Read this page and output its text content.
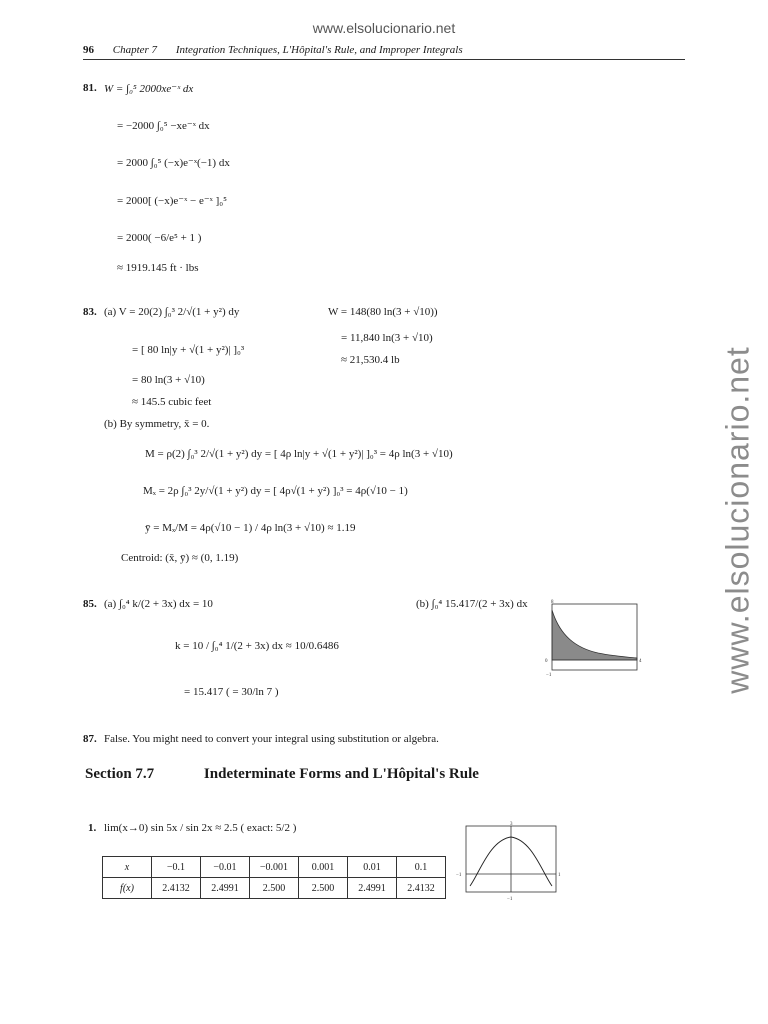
www.elsolucionario.net
96 Chapter 7 Integration Techniques, L'Hôpital's Rule, and Improper Integrals
www.elsolucionario.net
81. W = ∫₀⁵ 2000xe⁻ˣ dx
= −2000 ∫₀⁵ −xe⁻ˣ dx
= 2000 ∫₀⁵ (−x)e⁻ˣ(−1) dx
= 2000[ (−x)e⁻ˣ − e⁻ˣ ]₀⁵
= 2000( −6/e⁵ + 1 )
≈ 1919.145 ft · lbs
83. (a) V = 20(2) ∫₀³ 2/√(1 + y²) dy
= [ 80 ln|y + √(1 + y²)| ]₀³
= 80 ln(3 + √10)
≈ 145.5 cubic feet
W = 148(80 ln(3 + √10))
= 11,840 ln(3 + √10)
≈ 21,530.4 lb
(b) By symmetry, x̄ = 0.
M = ρ(2) ∫₀³ 2/√(1 + y²) dy = [ 4ρ ln|y + √(1 + y²)| ]₀³ = 4ρ ln(3 + √10)
Mₓ = 2ρ ∫₀³ 2y/√(1 + y²) dy = [ 4ρ√(1 + y²) ]₀³ = 4ρ(√10 − 1)
ȳ = Mₓ/M = 4ρ(√10 − 1) / 4ρ ln(3 + √10) ≈ 1.19
Centroid: (x̄, ȳ) ≈ (0, 1.19)
85. (a) ∫₀⁴ k/(2 + 3x) dx = 10
k = 10 / ∫₀⁴ 1/(2 + 3x) dx ≈ 10/0.6486
= 15.417 ( = 30/ln 7 )
(b) ∫₀⁴ 15.417/(2 + 3x) dx	8
0	4
−1
87. False. You might need to convert your integral using substitution or algebra.
Section 7.7	Indeterminate Forms and L'Hôpital's Rule
1. lim(x→0) sin 5x / sin 2x ≈ 2.5 ( exact: 5/2 )
x	−0.1	−0.01	−0.001	0.001	0.01	0.1
f(x)	2.4132	2.4991	2.500	2.500	2.4991	2.4132
3
−1	1
−1
